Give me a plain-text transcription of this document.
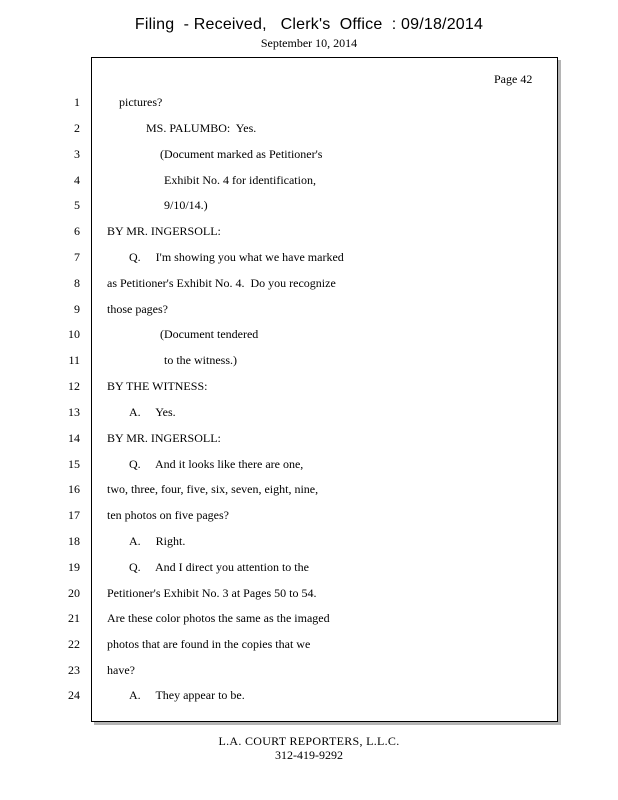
Filing  - Received,   Clerk's  Office  : 09/18/2014
September 10, 2014
Page 42
1	pictures?
2	MS. PALUMBO:  Yes.
3	(Document marked as Petitioner's
4	Exhibit No. 4 for identification,
5	9/10/14.)
6 BY MR. INGERSOLL:
7	Q.     I'm showing you what we have marked
8 as Petitioner's Exhibit No. 4.  Do you recognize
9 those pages?
10	(Document tendered
11	to the witness.)
12 BY THE WITNESS:
13	A.     Yes.
14 BY MR. INGERSOLL:
15	Q.     And it looks like there are one,
16 two, three, four, five, six, seven, eight, nine,
17 ten photos on five pages?
18	A.     Right.
19	Q.     And I direct you attention to the
20 Petitioner's Exhibit No. 3 at Pages 50 to 54.
21 Are these color photos the same as the imaged
22 photos that are found in the copies that we
23 have?
24	A.     They appear to be.
L.A. COURT REPORTERS, L.L.C.
312-419-9292
